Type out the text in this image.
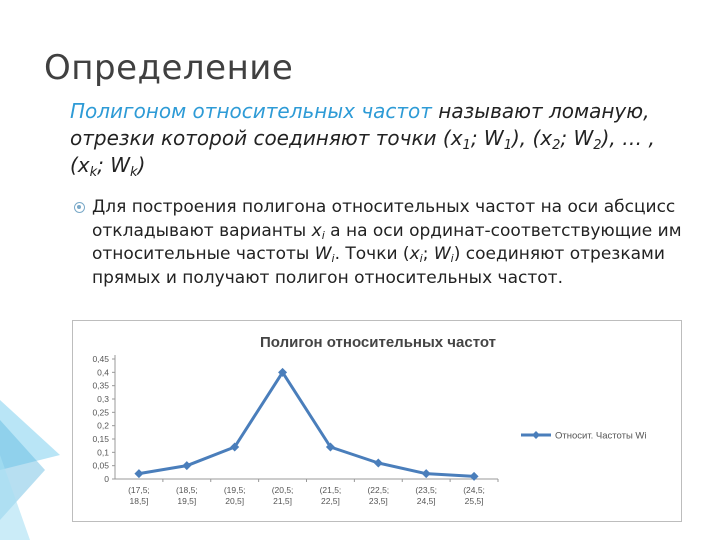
Определение
Полигоном относительных частот называют ломаную, отрезки которой соединяют точки ($x_1$; $W_1$), ($x_2$; $W_2$), … , ($x_k$; $W_k$)
Для построения полигона относительных частот на оси абсцисс откладывают варианты $x_i$ а на оси ординат-соответствующие им относительные частоты $W_i$. Точки ($x_i$; $W_i$) соединяют отрезками прямых и получают полигон относительных частот.
Полигон относительных частот
0
0,05
0,1
0,15
0,2
0,25
0,3
0,35
0,4
0,45
(17,5; 18,5]
(18,5; 19,5]
(19,5; 20,5]
(20,5; 21,5]
(21,5; 22,5]
(22,5; 23,5]
(23,5; 24,5]
(24,5; 25,5]
Относит. Частоты Wi
